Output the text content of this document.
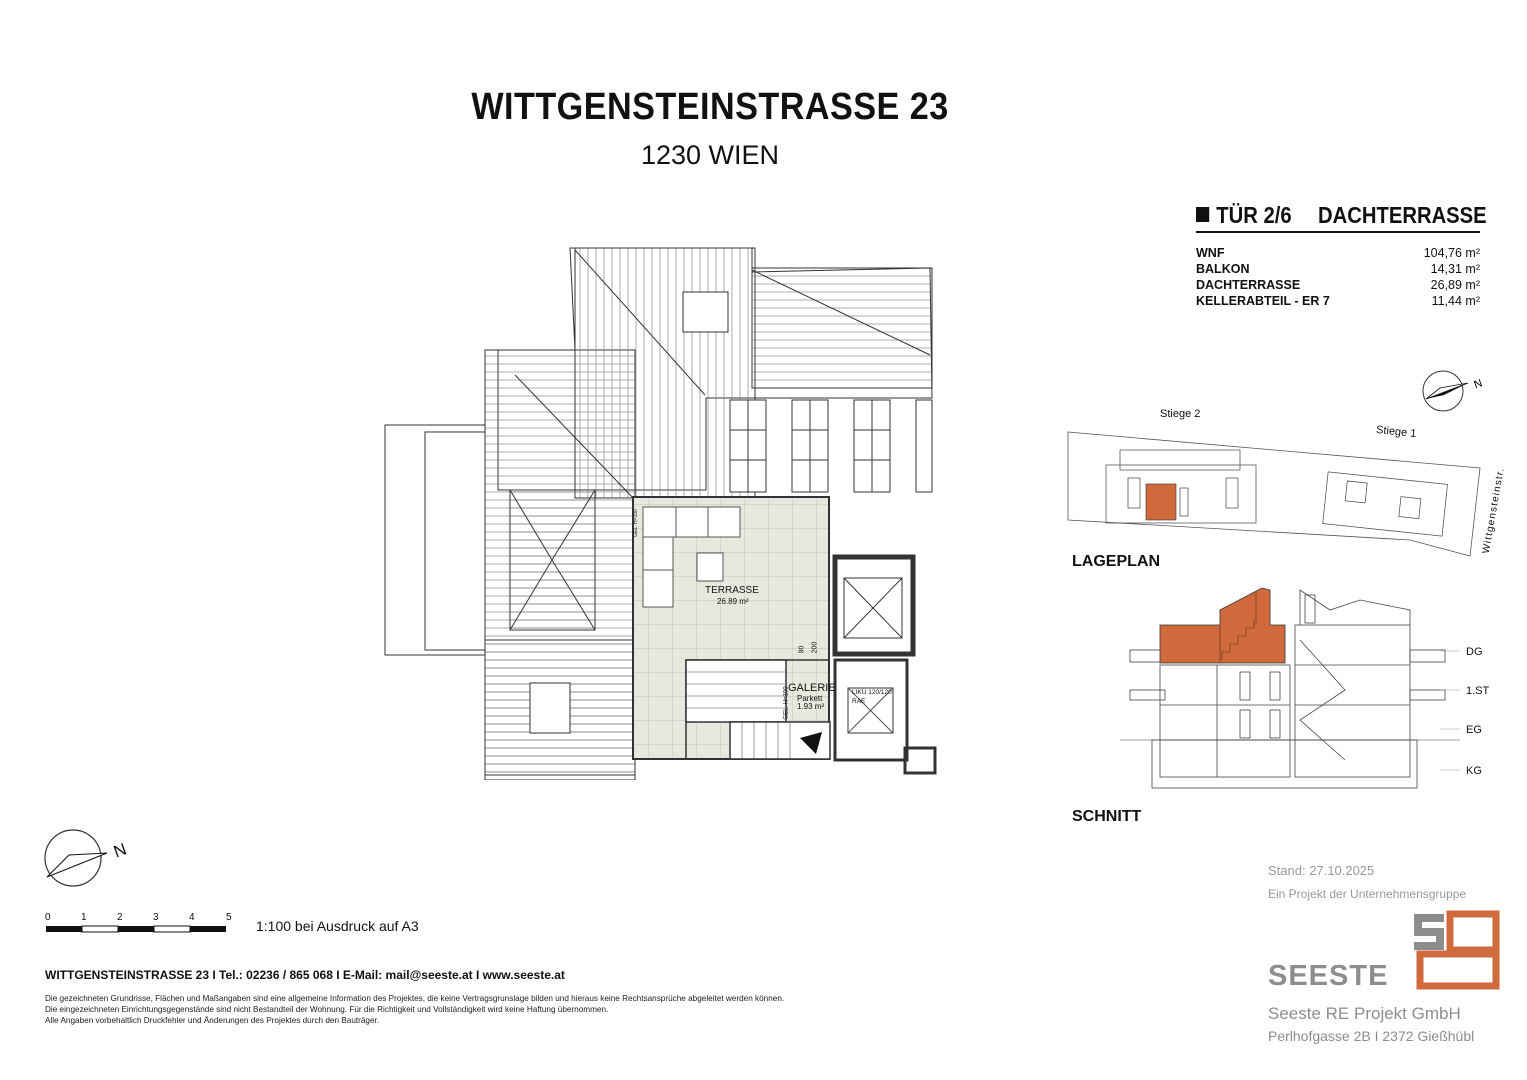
WITTGENSTEINSTRASSE 23
1230 WIEN
TÜR 2/6 DACHTERRASSE
WNF	104,76 m²
BALKON	14,31 m²
DACHTERRASSE	26,89 m²
KELLERABTEIL - ER 7	11,44 m²
TERRASSE
26.89 m²
GALERIE
Parkett
1.93 m²
GEL. H=100
GEL. H=100
90 200
LIKU 120/120
RAE
N
Stiege 2
Stiege 1
Wittgensteinstr.
LAGEPLAN
DG
1.ST
EG
KG
SCHNITT
N
0	1	2	3	4	5
1:100 bei Ausdruck auf A3
WITTGENSTEINSTRASSE 23 I Tel.: 02236 / 865 068 I E-Mail: mail@seeste.at I www.seeste.at
Die gezeichneten Grundrisse, Flächen und Maßangaben sind eine allgemeine Information des Projektes, die keine Vertragsgrunslage bilden und hieraus keine Rechtsansprüche abgeleitet werden können.
Die eingezeichneten Einrichtungsgegenstände sind nicht Bestandteil der Wohnung. Für die Richtigkeit und Vollständigkeit wird keine Haftung übernommen.
Alle Angaben vorbehaltlich Druckfehler und Änderungen des Projektes durch den Bauträger.
Stand: 27.10.2025
Ein Projekt der Unternehmensgruppe
SEESTE
Seeste RE Projekt GmbH
Perlhofgasse 2B I 2372 Gießhübl
